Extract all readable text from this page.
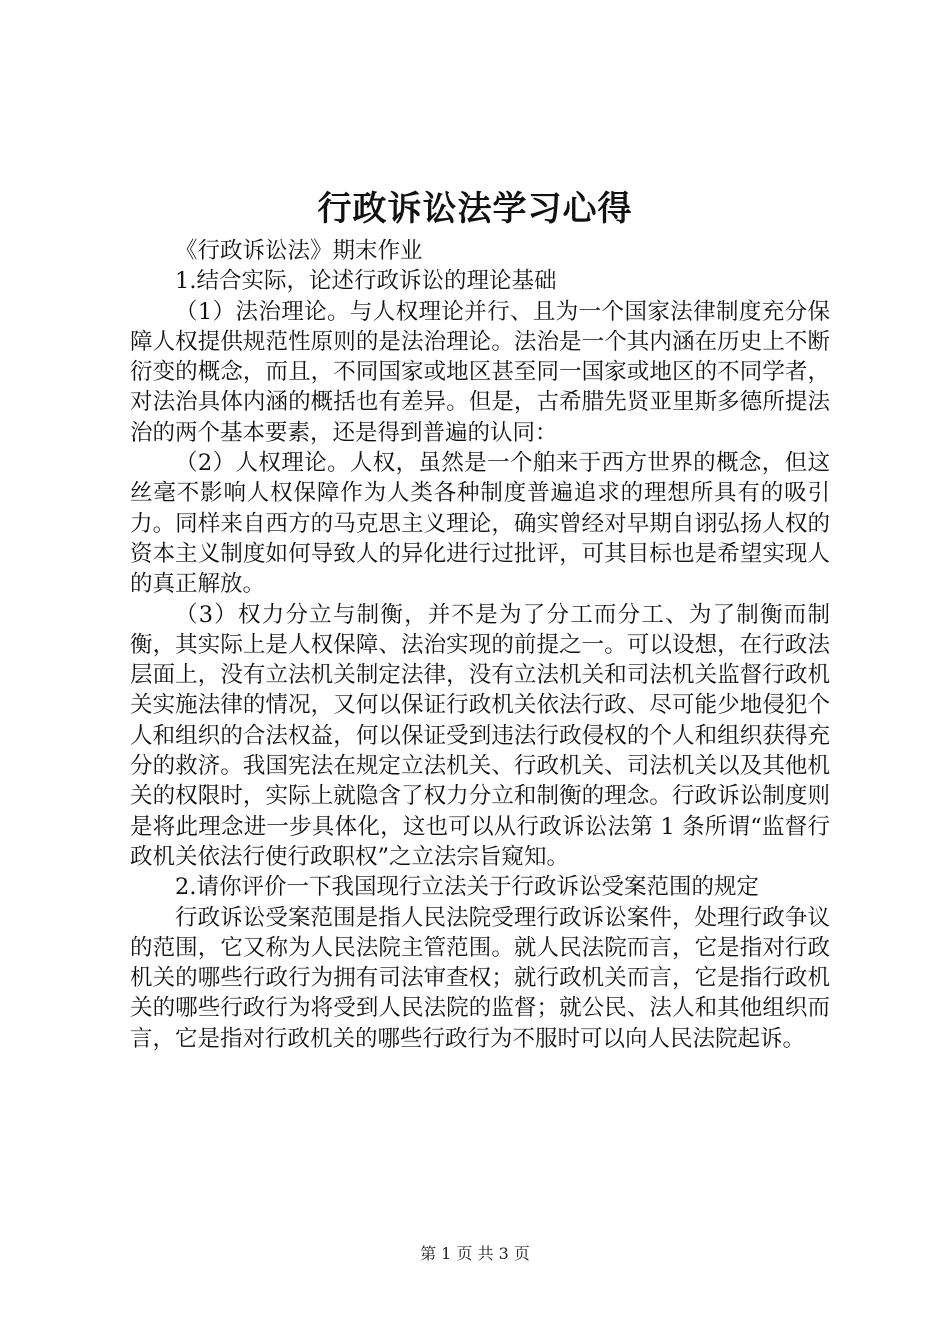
行政诉讼法学习心得

《行政诉讼法》期末作业

1.结合实际，论述行政诉讼的理论基础

（1）法治理论。与人权理论并行、且为一个国家法律制度充分保障人权提供规范性原则的是法治理论。法治是一个其内涵在历史上不断衍变的概念，而且，不同国家或地区甚至同一国家或地区的不同学者，对法治具体内涵的概括也有差异。但是，古希腊先贤亚里斯多德所提法治的两个基本要素，还是得到普遍的认同：

（2）人权理论。人权，虽然是一个舶来于西方世界的概念，但这丝毫不影响人权保障作为人类各种制度普遍追求的理想所具有的吸引力。同样来自西方的马克思主义理论，确实曾经对早期自诩弘扬人权的资本主义制度如何导致人的异化进行过批评，可其目标也是希望实现人的真正解放。

（3）权力分立与制衡，并不是为了分工而分工、为了制衡而制衡，其实际上是人权保障、法治实现的前提之一。可以设想，在行政法层面上，没有立法机关制定法律，没有立法机关和司法机关监督行政机关实施法律的情况，又何以保证行政机关依法行政、尽可能少地侵犯个人和组织的合法权益，何以保证受到违法行政侵权的个人和组织获得充分的救济。我国宪法在规定立法机关、行政机关、司法机关以及其他机关的权限时，实际上就隐含了权力分立和制衡的理念。行政诉讼制度则是将此理念进一步具体化，这也可以从行政诉讼法第 1 条所谓“监督行政机关依法行使行政职权”之立法宗旨窥知。

2.请你评价一下我国现行立法关于行政诉讼受案范围的规定

行政诉讼受案范围是指人民法院受理行政诉讼案件，处理行政争议的范围，它又称为人民法院主管范围。就人民法院而言，它是指对行政机关的哪些行政行为拥有司法审查权；就行政机关而言，它是指行政机关的哪些行政行为将受到人民法院的监督；就公民、法人和其他组织而言，它是指对行政机关的哪些行政行为不服时可以向人民法院起诉。

第 1 页 共 3 页
